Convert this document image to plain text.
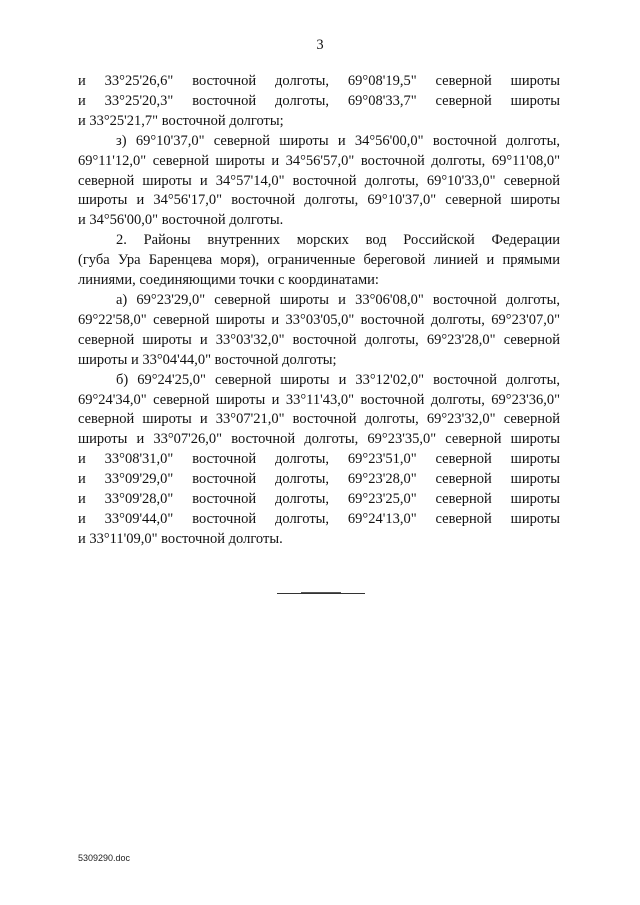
3

и 33°25'26,6" восточной долготы, 69°08'19,5" северной широты
и 33°25'20,3" восточной долготы, 69°08'33,7" северной широты
и 33°25'21,7" восточной долготы;

з) 69°10'37,0" северной широты и 34°56'00,0" восточной долготы,
69°11'12,0" северной широты и 34°56'57,0" восточной долготы, 69°11'08,0"
северной широты и 34°57'14,0" восточной долготы, 69°10'33,0" северной
широты и 34°56'17,0" восточной долготы, 69°10'37,0" северной широты
и 34°56'00,0" восточной долготы.

2. Районы внутренних морских вод Российской Федерации
(губа Ура Баренцева моря), ограниченные береговой линией и прямыми
линиями, соединяющими точки с координатами:

а) 69°23'29,0" северной широты и 33°06'08,0" восточной долготы,
69°22'58,0" северной широты и 33°03'05,0" восточной долготы, 69°23'07,0"
северной широты и 33°03'32,0" восточной долготы, 69°23'28,0" северной
широты и 33°04'44,0" восточной долготы;

б) 69°24'25,0" северной широты и 33°12'02,0" восточной долготы,
69°24'34,0" северной широты и 33°11'43,0" восточной долготы, 69°23'36,0"
северной широты и 33°07'21,0" восточной долготы, 69°23'32,0" северной
широты и 33°07'26,0" восточной долготы, 69°23'35,0" северной широты
и 33°08'31,0" восточной долготы, 69°23'51,0" северной широты
и 33°09'29,0" восточной долготы, 69°23'28,0" северной широты
и 33°09'28,0" восточной долготы, 69°23'25,0" северной широты
и 33°09'44,0" восточной долготы, 69°24'13,0" северной широты
и 33°11'09,0" восточной долготы.

5309290.doc
